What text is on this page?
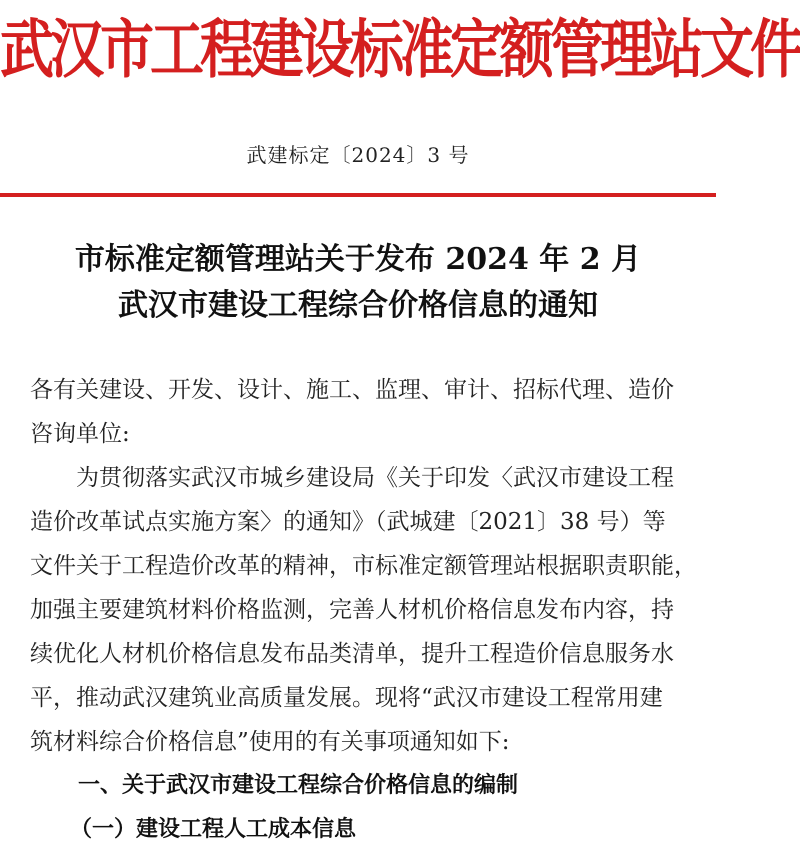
武汉市工程建设标准定额管理站文件
武建标定〔2024〕3 号
市标准定额管理站关于发布 2024 年 2 月
武汉市建设工程综合价格信息的通知
各有关建设、开发、设计、施工、监理、审计、招标代理、造价
咨询单位:
为贯彻落实武汉市城乡建设局《关于印发〈武汉市建设工程
造价改革试点实施方案〉的通知》（武城建〔2021〕38 号）等
文件关于工程造价改革的精神，市标准定额管理站根据职责职能，
加强主要建筑材料价格监测，完善人材机价格信息发布内容，持
续优化人材机价格信息发布品类清单，提升工程造价信息服务水
平，推动武汉建筑业高质量发展。现将“武汉市建设工程常用建
筑材料综合价格信息”使用的有关事项通知如下:
一、关于武汉市建设工程综合价格信息的编制
（一）建设工程人工成本信息
